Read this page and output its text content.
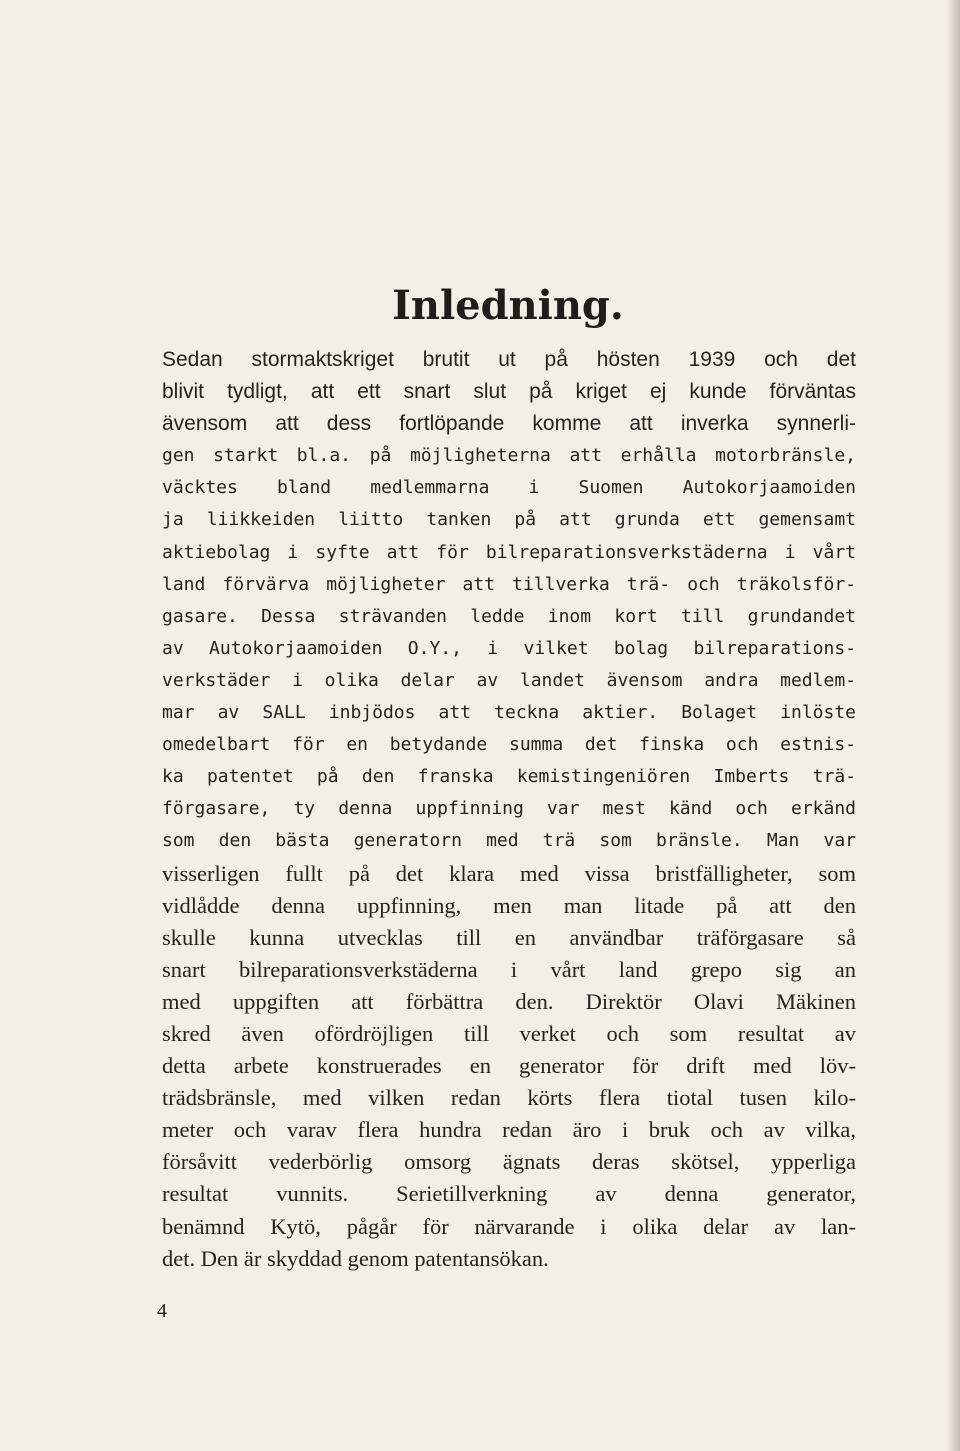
Inledning.
Sedan stormaktskriget brutit ut på hösten 1939 och det
blivit tydligt, att ett snart slut på kriget ej kunde förväntas
ävensom att dess fortlöpande komme att inverka synnerli-
gen starkt bl.a. på möjligheterna att erhålla motorbränsle,
väcktes bland medlemmarna i Suomen Autokorjaamoiden
ja liikkeiden liitto tanken på att grunda ett gemensamt
aktiebolag i syfte att för bilreparationsverkstäderna i vårt
land förvärva möjligheter att tillverka trä- och träkolsför-
gasare. Dessa strävanden ledde inom kort till grundandet
av Autokorjaamoiden O.Y., i vilket bolag bilreparations-
verkstäder i olika delar av landet ävensom andra medlem-
mar av SALL inbjödos att teckna aktier. Bolaget inlöste
omedelbart för en betydande summa det finska och estnis-
ka patentet på den franska kemistingeniören Imberts trä-
förgasare, ty denna uppfinning var mest känd och erkänd
som den bästa generatorn med trä som bränsle. Man var
visserligen fullt på det klara med vissa bristfälligheter, som
vidlådde denna uppfinning, men man litade på att den
skulle kunna utvecklas till en användbar träförgasare så
snart bilreparationsverkstäderna i vårt land grepo sig an
med uppgiften att förbättra den. Direktör Olavi Mäkinen
skred även ofördröjligen till verket och som resultat av
detta arbete konstruerades en generator för drift med löv-
trädsbränsle, med vilken redan körts flera tiotal tusen kilo-
meter och varav flera hundra redan äro i bruk och av vilka,
försåvitt vederbörlig omsorg ägnats deras skötsel, ypperliga
resultat vunnits. Serietillverkning av denna generator,
benämnd Kytö, pågår för närvarande i olika delar av lan-
det. Den är skyddad genom patentansökan.

4
